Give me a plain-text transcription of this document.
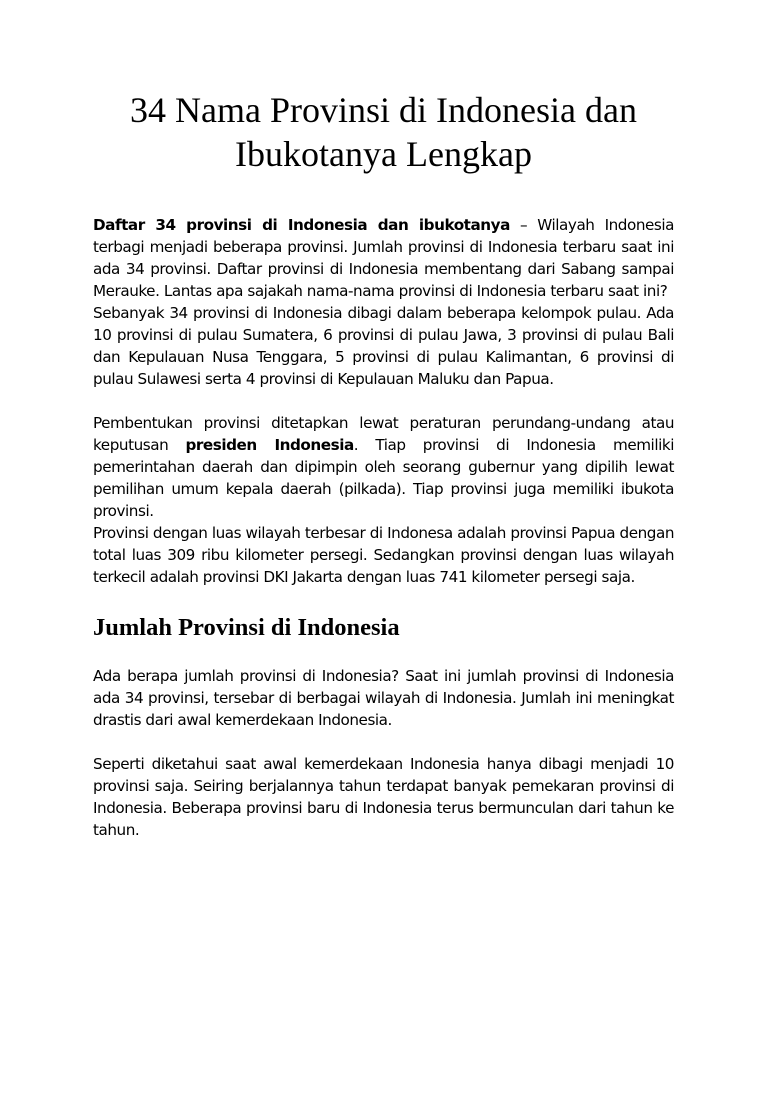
34 Nama Provinsi di Indonesia dan Ibukotanya Lengkap

Daftar 34 provinsi di Indonesia dan ibukotanya – Wilayah Indonesia terbagi menjadi beberapa provinsi. Jumlah provinsi di Indonesia terbaru saat ini ada 34 provinsi. Daftar provinsi di Indonesia membentang dari Sabang sampai Merauke. Lantas apa sajakah nama-nama provinsi di Indonesia terbaru saat ini?

Sebanyak 34 provinsi di Indonesia dibagi dalam beberapa kelompok pulau. Ada 10 provinsi di pulau Sumatera, 6 provinsi di pulau Jawa, 3 provinsi di pulau Bali dan Kepulauan Nusa Tenggara, 5 provinsi di pulau Kalimantan, 6 provinsi di pulau Sulawesi serta 4 provinsi di Kepulauan Maluku dan Papua.

Pembentukan provinsi ditetapkan lewat peraturan perundang-undang atau keputusan presiden Indonesia. Tiap provinsi di Indonesia memiliki pemerintahan daerah dan dipimpin oleh seorang gubernur yang dipilih lewat pemilihan umum kepala daerah (pilkada). Tiap provinsi juga memiliki ibukota provinsi.

Provinsi dengan luas wilayah terbesar di Indonesa adalah provinsi Papua dengan total luas 309 ribu kilometer persegi. Sedangkan provinsi dengan luas wilayah terkecil adalah provinsi DKI Jakarta dengan luas 741 kilometer persegi saja.

Jumlah Provinsi di Indonesia

Ada berapa jumlah provinsi di Indonesia? Saat ini jumlah provinsi di Indonesia ada 34 provinsi, tersebar di berbagai wilayah di Indonesia. Jumlah ini meningkat drastis dari awal kemerdekaan Indonesia.

Seperti diketahui saat awal kemerdekaan Indonesia hanya dibagi menjadi 10 provinsi saja. Seiring berjalannya tahun terdapat banyak pemekaran provinsi di Indonesia. Beberapa provinsi baru di Indonesia terus bermunculan dari tahun ke tahun.
